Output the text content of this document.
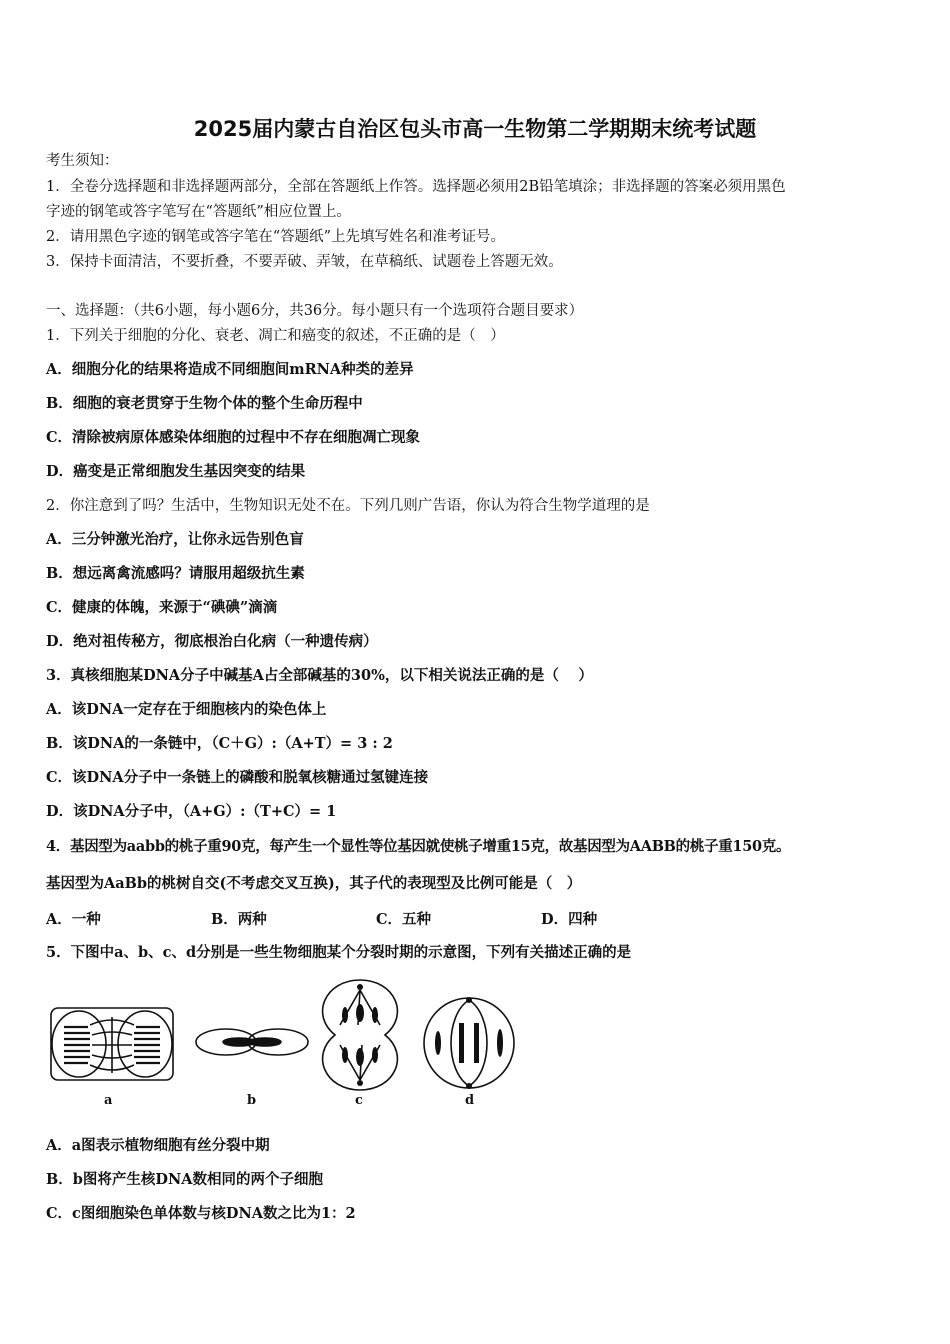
2025届内蒙古自治区包头市高一生物第二学期期末统考试题
考生须知：
1．全卷分选择题和非选择题两部分，全部在答题纸上作答。选择题必须用2B铅笔填涂；非选择题的答案必须用黑色
字迹的钢笔或答字笔写在“答题纸”相应位置上。
2．请用黑色字迹的钢笔或答字笔在“答题纸”上先填写姓名和准考证号。
3．保持卡面清洁，不要折叠，不要弄破、弄皱，在草稿纸、试题卷上答题无效。
一、选择题：（共6小题，每小题6分，共36分。每小题只有一个选项符合题目要求）
1．下列关于细胞的分化、衰老、凋亡和癌变的叙述，不正确的是（　）
A．细胞分化的结果将造成不同细胞间mRNA种类的差异
B．细胞的衰老贯穿于生物个体的整个生命历程中
C．清除被病原体感染体细胞的过程中不存在细胞凋亡现象
D．癌变是正常细胞发生基因突变的结果
2．你注意到了吗？生活中，生物知识无处不在。下列几则广告语，你认为符合生物学道理的是
A．三分钟激光治疗，让你永远告别色盲
B．想远离禽流感吗？请服用超级抗生素
C．健康的体魄，来源于“碘碘”滴滴
D．绝对祖传秘方，彻底根治白化病（一种遗传病）
3．真核细胞某DNA分子中碱基A占全部碱基的30%，以下相关说法正确的是（　 ）
A．该DNA一定存在于细胞核内的染色体上
B．该DNA的一条链中，（C＋G）:（A+T）= 3 : 2
C．该DNA分子中一条链上的磷酸和脱氧核糖通过氢键连接
D．该DNA分子中，（A+G）:（T+C）= 1
4．基因型为aabb的桃子重90克，每产生一个显性等位基因就使桃子增重15克，故基因型为AABB的桃子重150克。
基因型为AaBb的桃树自交(不考虑交叉互换)，其子代的表现型及比例可能是（　）
A．一种	B．两种	C．五种	D．四种
5．下图中a、b、c、d分别是一些生物细胞某个分裂时期的示意图，下列有关描述正确的是
a	b	c	d
A．a图表示植物细胞有丝分裂中期
B．b图将产生核DNA数相同的两个子细胞
C．c图细胞染色单体数与核DNA数之比为1：2
